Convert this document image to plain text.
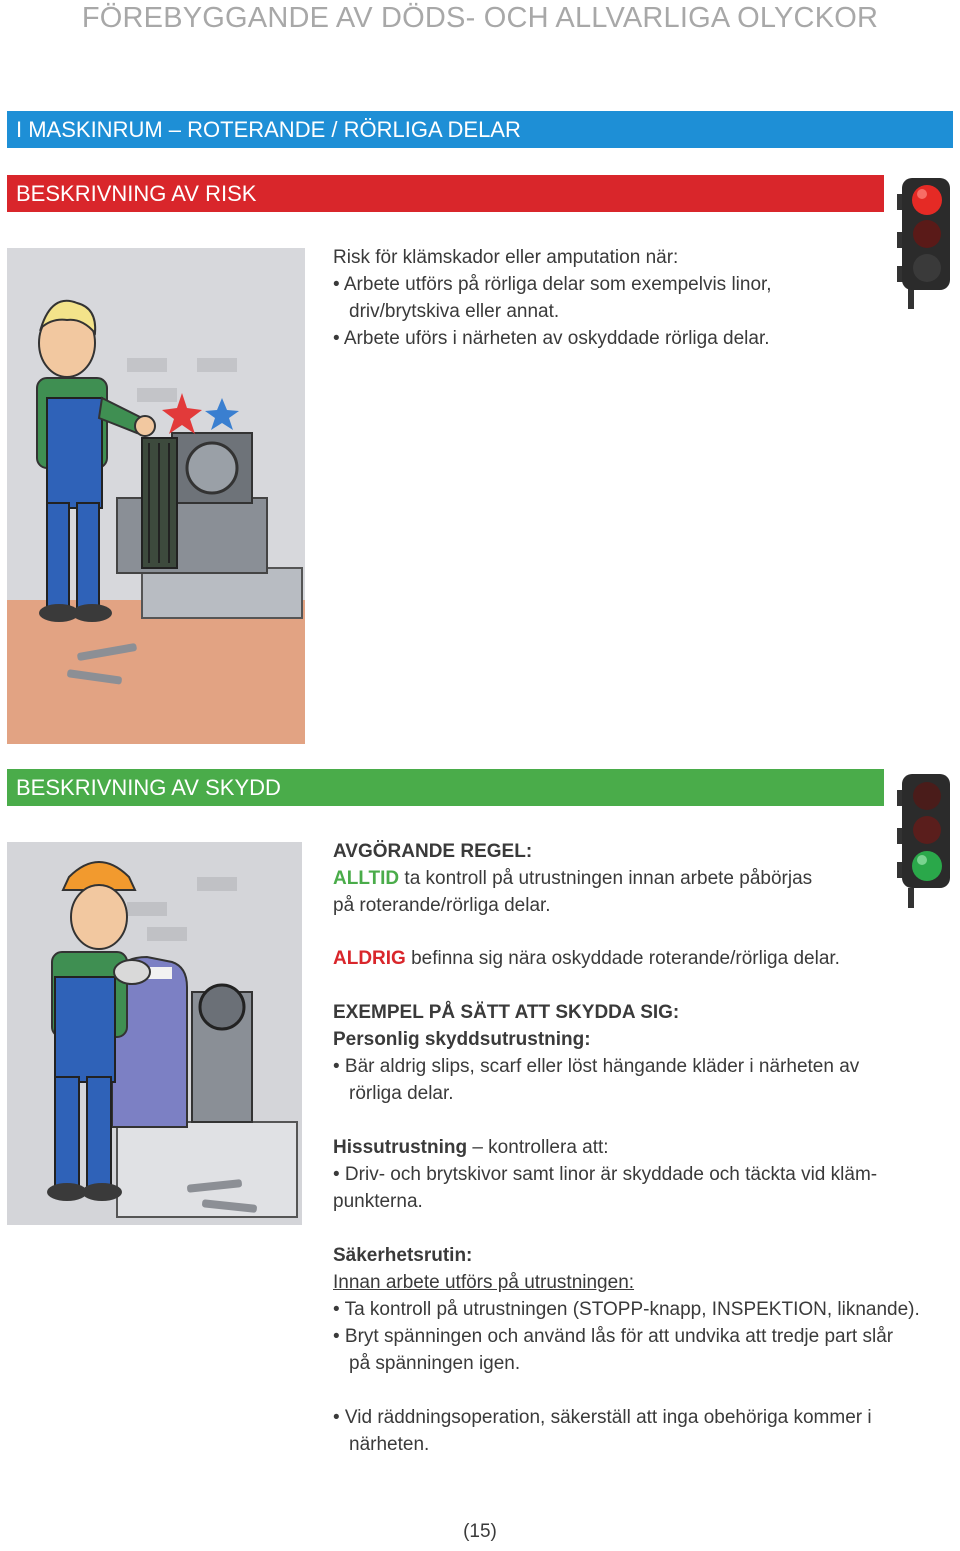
FÖREBYGGANDE AV DÖDS- OCH ALLVARLIGA OLYCKOR
I MASKINRUM – ROTERANDE / RÖRLIGA DELAR
BESKRIVNING AV RISK
Risk för klämskador eller amputation när:
• Arbete utförs på rörliga delar som exempelvis linor,
driv/brytskiva eller annat.
• Arbete uförs i närheten av oskyddade rörliga delar.
BESKRIVNING AV SKYDD
AVGÖRANDE REGEL:
ALLTID ta kontroll på utrustningen innan arbete påbörjas
på roterande/rörliga delar.
ALDRIG befinna sig nära oskyddade roterande/rörliga delar.
EXEMPEL PÅ SÄTT ATT SKYDDA SIG:
Personlig skyddsutrustning:
• Bär aldrig slips, scarf eller löst hängande kläder i närheten av
rörliga delar.
Hissutrustning – kontrollera att:
• Driv- och brytskivor samt linor är skyddade och täckta vid kläm-
punkterna.
Säkerhetsrutin:
Innan arbete utförs på utrustningen:
• Ta kontroll på utrustningen (STOPP-knapp, INSPEKTION, liknande).
• Bryt spänningen och använd lås för att undvika att tredje part slår
på spänningen igen.
• Vid räddningsoperation, säkerställ att inga obehöriga kommer i
närheten.
(15)
